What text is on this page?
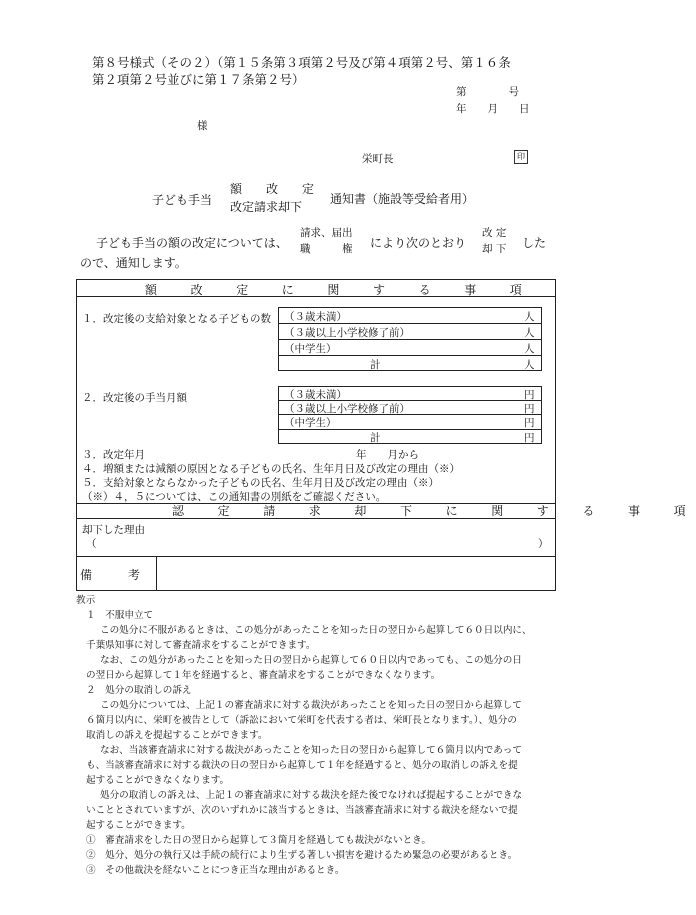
第８号様式（その２）（第１５条第３項第２号及び第４項第２号、第１６条
第２項第２号並びに第１７条第２号）
第　　　　号
年　　月　　日
様
栄町長	印
子ども手当
額　　改　　定
改定請求却下
通知書（施設等受給者用）
子ども手当の額の改定については、
請求、届出
職　　　権 により次のとおり
改 定
却 下 した
ので、通知します。
額　改　定　に　関　す　る　事　項
１．改定後の支給対象となる子どもの数 （３歳未満）	人
（３歳以上小学校修了前）	人
（中学生）	人
計	人
２．改定後の手当月額	（３歳未満）	円
（３歳以上小学校修了前）	円
（中学生）	円
計	円
３．改定年月	年　　月から
４．増額または減額の原因となる子どもの氏名、生年月日及び改定の理由（※）
５．支給対象とならなかった子どもの氏名、生年月日及び改定の理由（※）
（※）４，５については、この通知書の別紙をご確認ください。
認　定　請　求　却　下　に　関　す　る　事　項
却下した理由
（	）
備　　　考
教示
１　不服申立て
この処分に不服があるときは、この処分があったことを知った日の翌日から起算して６０日以内に、
千葉県知事に対して審査請求をすることができます。
なお、この処分があったことを知った日の翌日から起算して６０日以内であっても、この処分の日
の翌日から起算して１年を経過すると、審査請求をすることができなくなります。
２　処分の取消しの訴え
この処分については、上記１の審査請求に対する裁決があったことを知った日の翌日から起算して
６箇月以内に、栄町を被告として（訴訟において栄町を代表する者は、栄町長となります。）、処分の
取消しの訴えを提起することができます。
なお、当該審査請求に対する裁決があったことを知った日の翌日から起算して６箇月以内であって
も、当該審査請求に対する裁決の日の翌日から起算して１年を経過すると、処分の取消しの訴えを提
起することができなくなります。
処分の取消しの訴えは、上記１の審査請求に対する裁決を経た後でなければ提起することができな
いこととされていますが、次のいずれかに該当するときは、当該審査請求に対する裁決を経ないで提
起することができます。
①　審査請求をした日の翌日から起算して３箇月を経過しても裁決がないとき。
②　処分、処分の執行又は手続の続行により生ずる著しい損害を避けるため緊急の必要があるとき。
③　その他裁決を経ないことにつき正当な理由があるとき。
